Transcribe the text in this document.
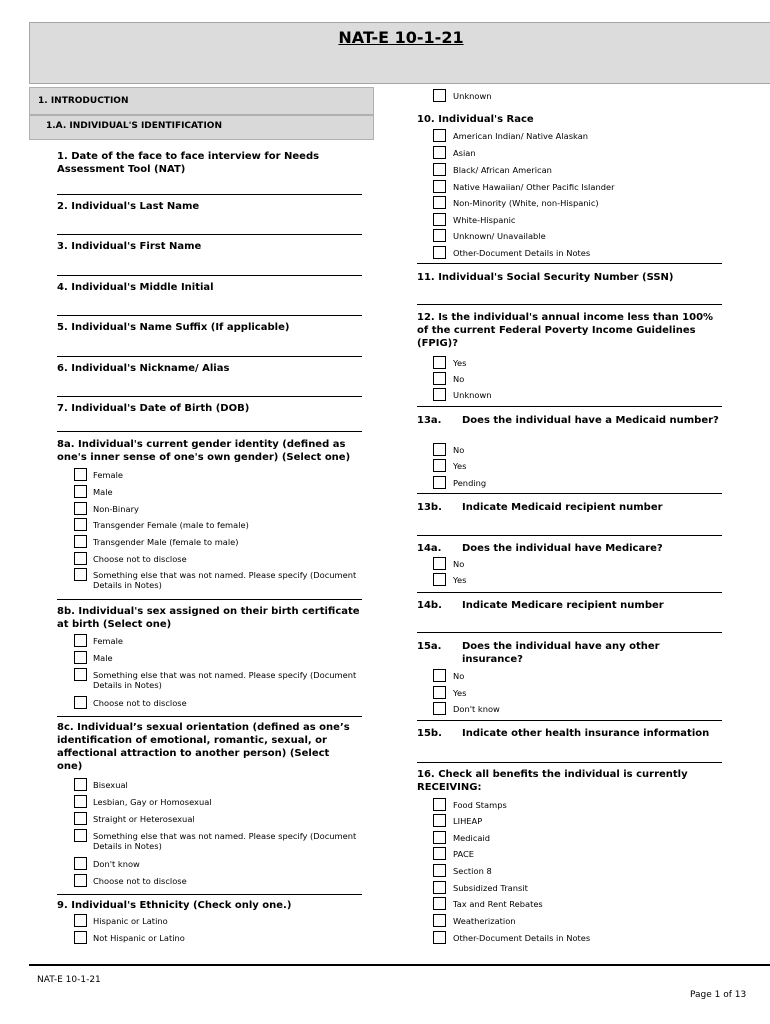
NAT-E 10-1-21
1. INTRODUCTION
1.A. INDIVIDUAL'S IDENTIFICATION
1. Date of the face to face interview for Needs Assessment Tool (NAT)
2. Individual's Last Name
3. Individual's First Name
4. Individual's Middle Initial
5. Individual's Name Suffix (If applicable)
6. Individual's Nickname/ Alias
7. Individual's Date of Birth (DOB)
8a. Individual's current gender identity (defined as one's inner sense of one's own gender) (Select one)
8b. Individual's sex assigned on their birth certificate at birth (Select one)
8c. Individual’s sexual orientation (defined as one’s identification of emotional, romantic, sexual, or affectional attraction to another person) (Select one)
9. Individual's Ethnicity (Check only one.)
10. Individual's Race
11. Individual's Social Security Number (SSN)
12. Is the individual's annual income less than 100% of the current Federal Poverty Income Guidelines (FPIG)?
13a. Does the individual have a Medicaid number?
13b. Indicate Medicaid recipient number
14a. Does the individual have Medicare?
14b. Indicate Medicare recipient number
15a. Does the individual have any other insurance?
15b. Indicate other health insurance information
16. Check all benefits the individual is currently RECEIVING:
Female
Male
Non-Binary
Transgender Female (male to female)
Transgender Male (female to male)
Choose not to disclose
Something else that was not named. Please specify (Document Details in Notes)
Female
Male
Something else that was not named. Please specify (Document Details in Notes)
Choose not to disclose
Bisexual
Lesbian, Gay or Homosexual
Straight or Heterosexual
Something else that was not named. Please specify (Document Details in Notes)
Don't know
Choose not to disclose
Hispanic or Latino
Not Hispanic or Latino
Unknown
American Indian/ Native Alaskan
Asian
Black/ African American
Native Hawaiian/ Other Pacific Islander
Non-Minority (White, non-Hispanic)
White-Hispanic
Unknown/ Unavailable
Other-Document Details in Notes
Yes
No
Unknown
No
Yes
Pending
No
Yes
No
Yes
Don't know
Food Stamps
LIHEAP
Medicaid
PACE
Section 8
Subsidized Transit
Tax and Rent Rebates
Weatherization
Other-Document Details in Notes
NAT-E 10-1-21
Page 1 of 13
